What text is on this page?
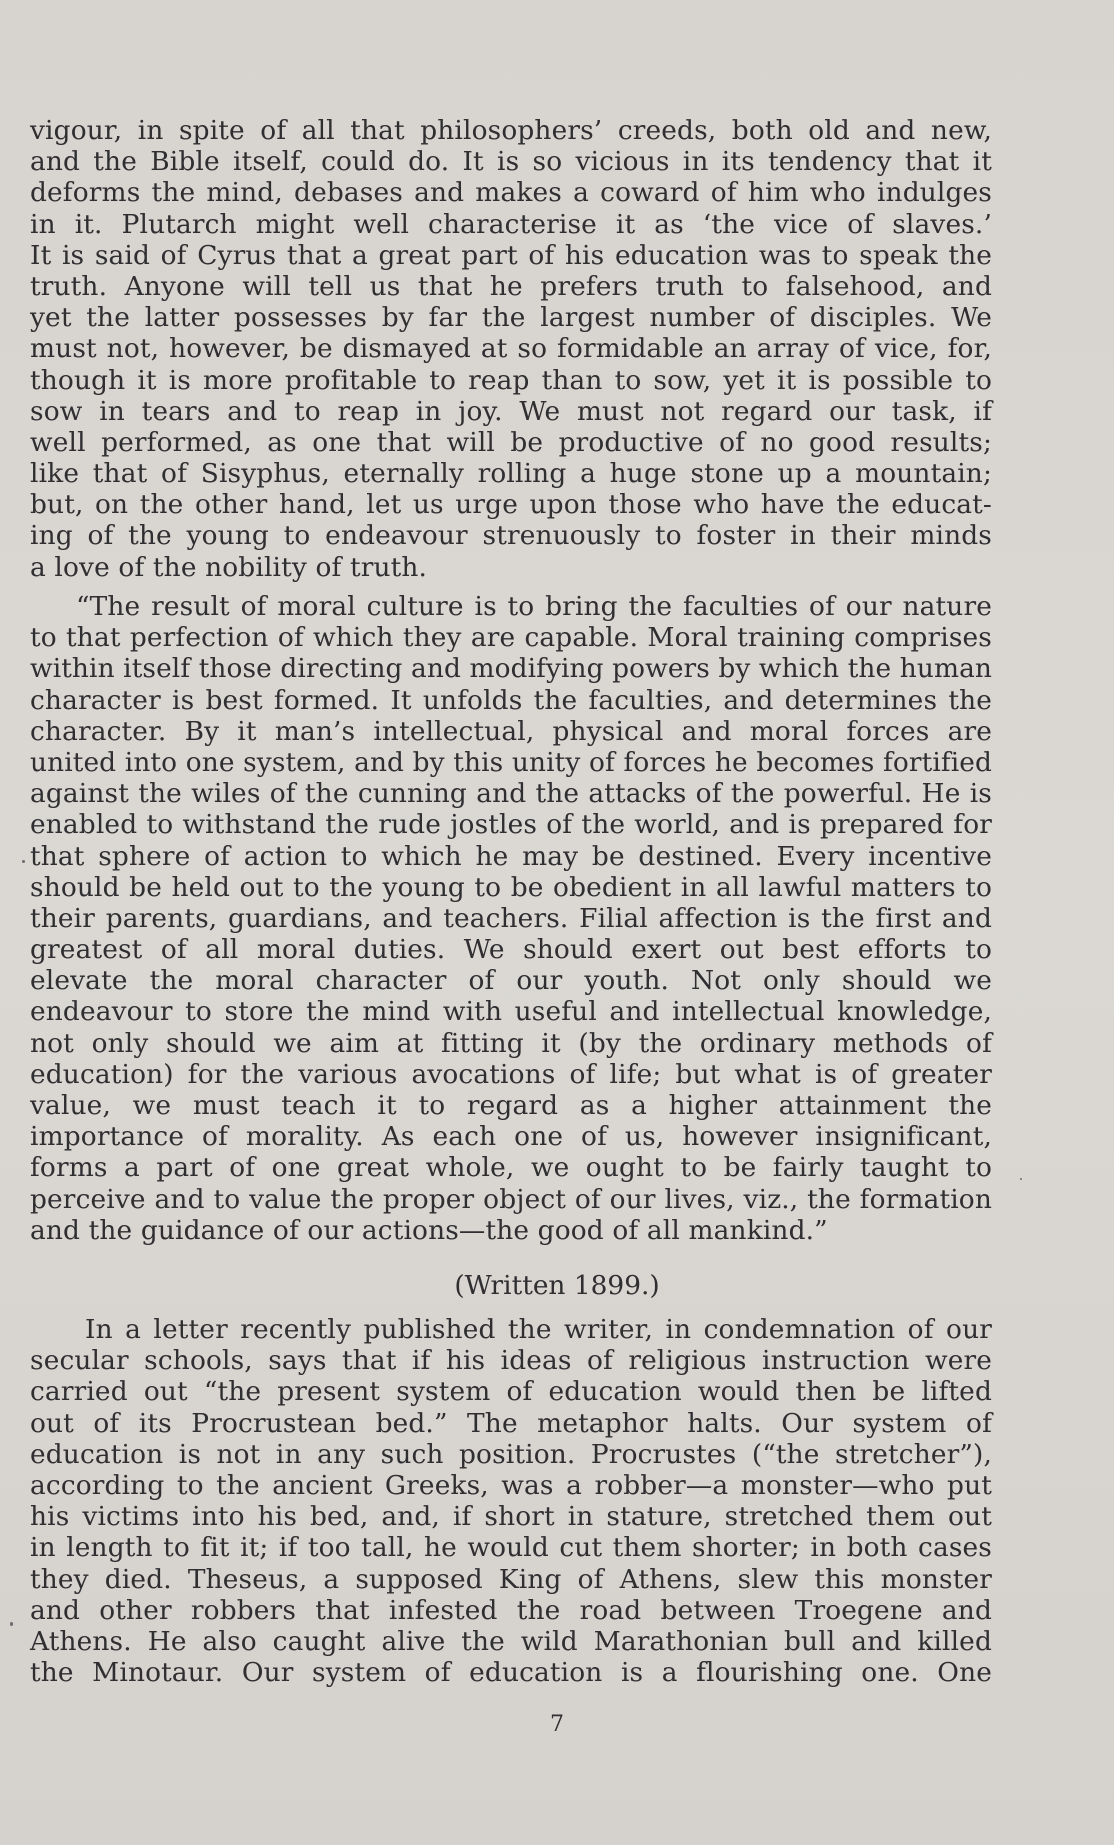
vigour, in spite of all that philosophers’ creeds, both old and new,
and the Bible itself, could do. It is so vicious in its tendency that it
deforms the mind, debases and makes a coward of him who indulges
in it. Plutarch might well characterise it as ‘the vice of slaves.’
It is said of Cyrus that a great part of his education was to speak the
truth. Anyone will tell us that he prefers truth to falsehood, and
yet the latter possesses by far the largest number of disciples. We
must not, however, be dismayed at so formidable an array of vice, for,
though it is more profitable to reap than to sow, yet it is possible to
sow in tears and to reap in joy. We must not regard our task, if
well performed, as one that will be productive of no good results;
like that of Sisyphus, eternally rolling a huge stone up a mountain;
but, on the other hand, let us urge upon those who have the educat-
ing of the young to endeavour strenuously to foster in their minds
a love of the nobility of truth.
“The result of moral culture is to bring the faculties of our nature
to that perfection of which they are capable. Moral training comprises
within itself those directing and modifying powers by which the human
character is best formed. It unfolds the faculties, and determines the
character. By it man’s intellectual, physical and moral forces are
united into one system, and by this unity of forces he becomes fortified
against the wiles of the cunning and the attacks of the powerful. He is
enabled to withstand the rude jostles of the world, and is prepared for
that sphere of action to which he may be destined. Every incentive
should be held out to the young to be obedient in all lawful matters to
their parents, guardians, and teachers. Filial affection is the first and
greatest of all moral duties. We should exert out best efforts to
elevate the moral character of our youth. Not only should we
endeavour to store the mind with useful and intellectual knowledge,
not only should we aim at fitting it (by the ordinary methods of
education) for the various avocations of life; but what is of greater
value, we must teach it to regard as a higher attainment the
importance of morality. As each one of us, however insignificant,
forms a part of one great whole, we ought to be fairly taught to
perceive and to value the proper object of our lives, viz., the formation
and the guidance of our actions—the good of all mankind.”
(Written 1899.)
In a letter recently published the writer, in condemnation of our
secular schools, says that if his ideas of religious instruction were
carried out “the present system of education would then be lifted
out of its Procrustean bed.” The metaphor halts. Our system of
education is not in any such position. Procrustes (“the stretcher”),
according to the ancient Greeks, was a robber—a monster—who put
his victims into his bed, and, if short in stature, stretched them out
in length to fit it; if too tall, he would cut them shorter; in both cases
they died. Theseus, a supposed King of Athens, slew this monster
and other robbers that infested the road between Troegene and
Athens. He also caught alive the wild Marathonian bull and killed
the Minotaur. Our system of education is a flourishing one. One
7
